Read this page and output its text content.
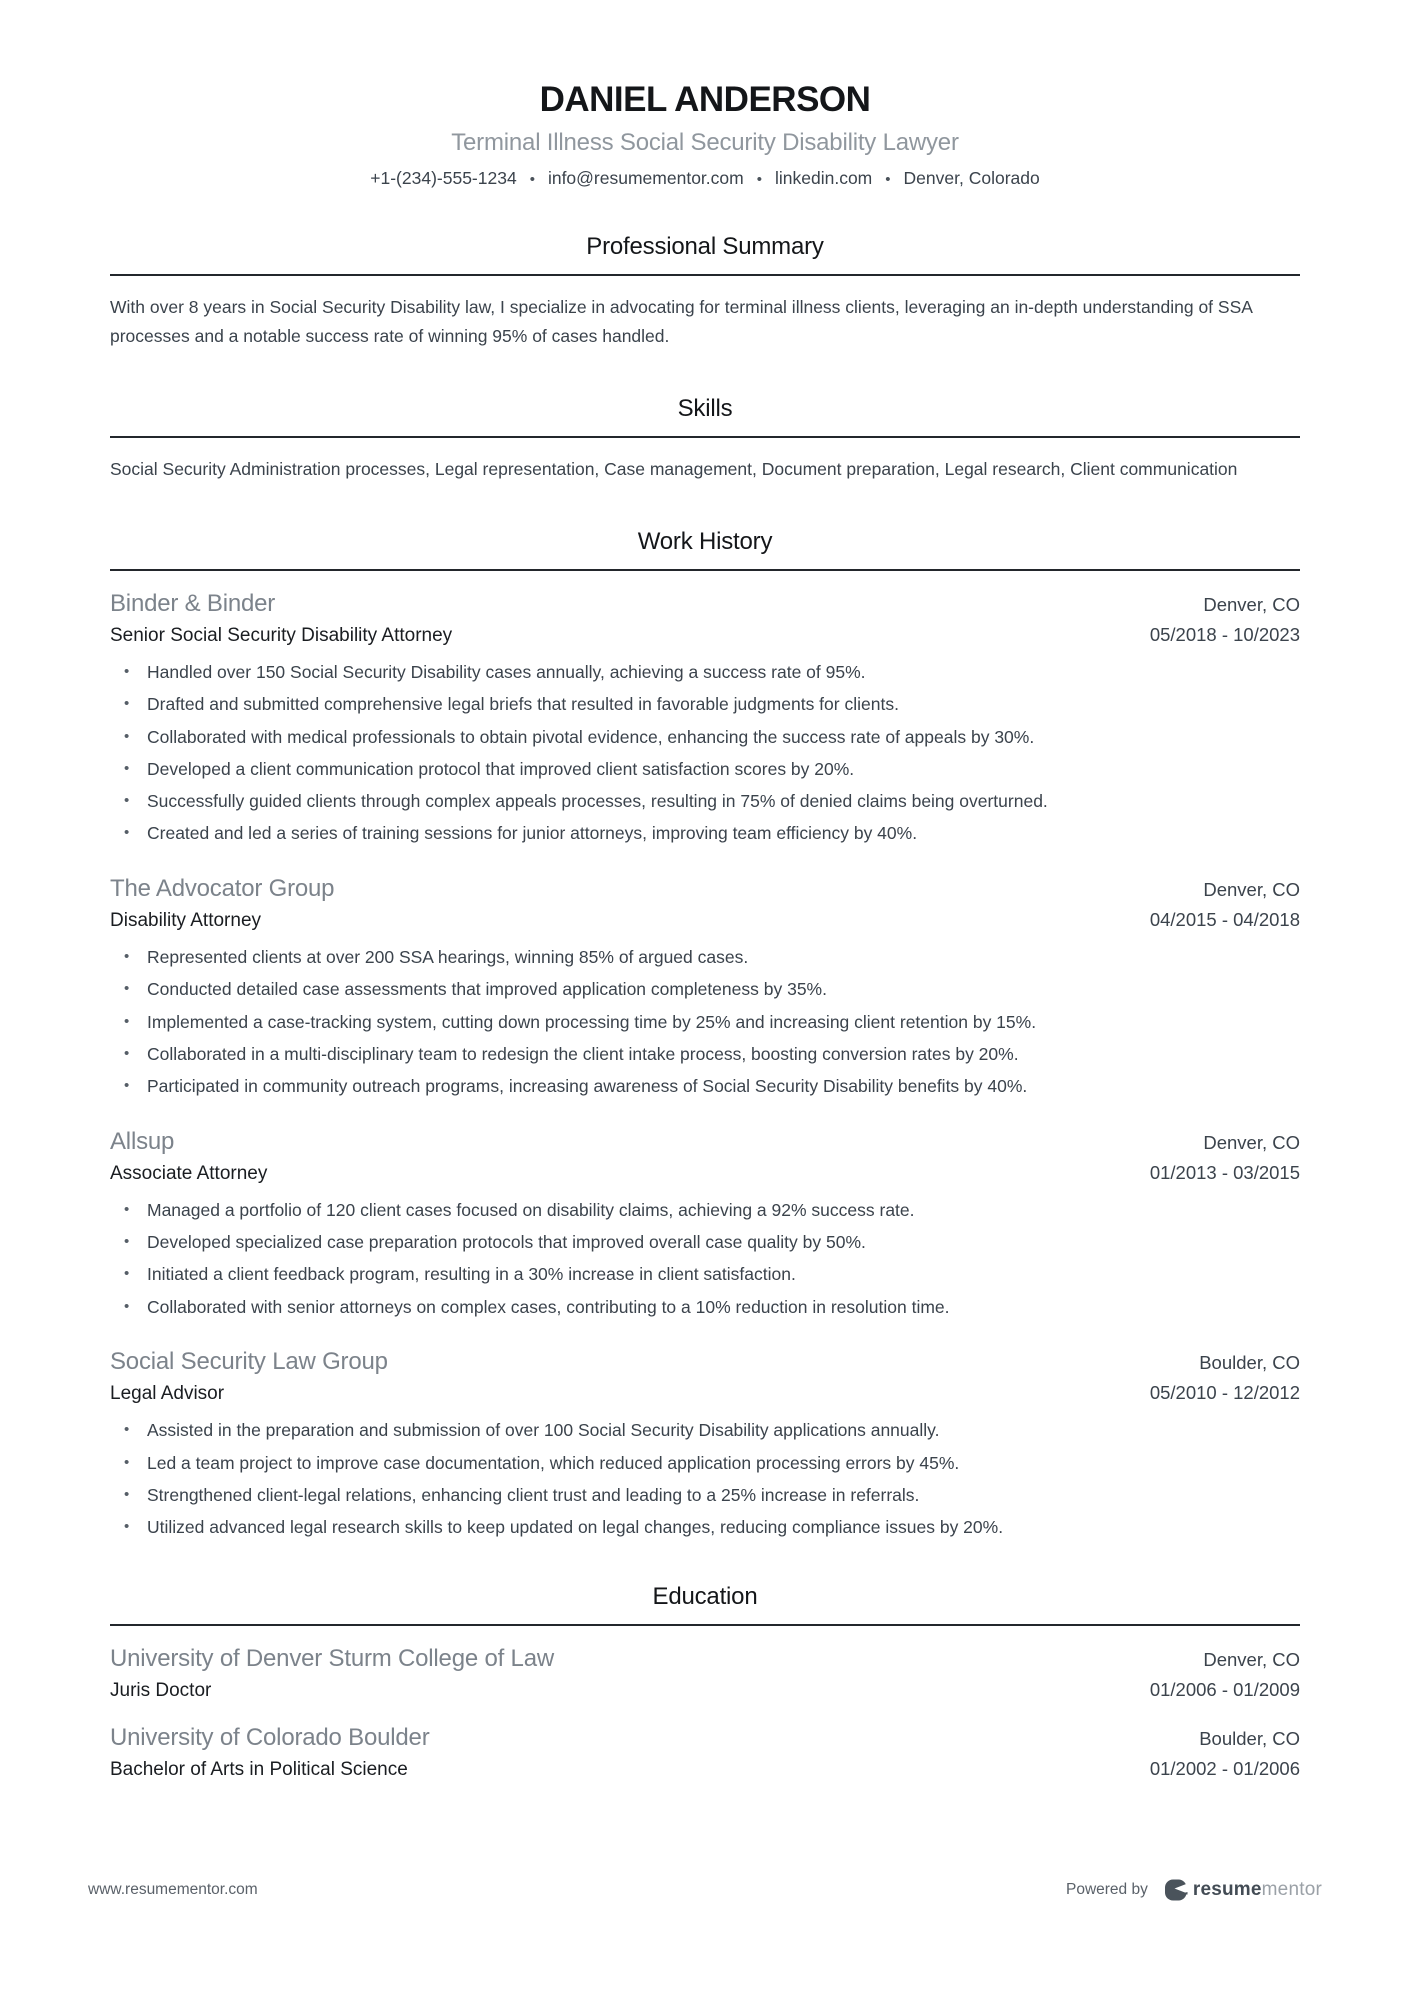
DANIEL ANDERSON
Terminal Illness Social Security Disability Lawyer
+1-(234)-555-1234	• info@resumementor.com	• linkedin.com	• Denver, Colorado
Professional Summary

With over 8 years in Social Security Disability law, I specialize in advocating for terminal illness clients, leveraging an in-depth understanding of SSA processes and a notable success rate of winning 95% of cases handled.

Skills

Social Security Administration processes, Legal representation, Case management, Document preparation, Legal research, Client communication

Work History
Binder & Binder	Denver, CO
Senior Social Security Disability Attorney	05/2018 - 10/2023
• Handled over 150 Social Security Disability cases annually, achieving a success rate of 95%.
• Drafted and submitted comprehensive legal briefs that resulted in favorable judgments for clients.
• Collaborated with medical professionals to obtain pivotal evidence, enhancing the success rate of appeals by 30%.
• Developed a client communication protocol that improved client satisfaction scores by 20%.
• Successfully guided clients through complex appeals processes, resulting in 75% of denied claims being overturned.
• Created and led a series of training sessions for junior attorneys, improving team efficiency by 40%.
The Advocator Group	Denver, CO
Disability Attorney	04/2015 - 04/2018
• Represented clients at over 200 SSA hearings, winning 85% of argued cases.
• Conducted detailed case assessments that improved application completeness by 35%.
• Implemented a case-tracking system, cutting down processing time by 25% and increasing client retention by 15%.
• Collaborated in a multi-disciplinary team to redesign the client intake process, boosting conversion rates by 20%.
• Participated in community outreach programs, increasing awareness of Social Security Disability benefits by 40%.
Allsup	Denver, CO
Associate Attorney	01/2013 - 03/2015
• Managed a portfolio of 120 client cases focused on disability claims, achieving a 92% success rate.
• Developed specialized case preparation protocols that improved overall case quality by 50%.
• Initiated a client feedback program, resulting in a 30% increase in client satisfaction.
• Collaborated with senior attorneys on complex cases, contributing to a 10% reduction in resolution time.
Social Security Law Group	Boulder, CO
Legal Advisor	05/2010 - 12/2012
• Assisted in the preparation and submission of over 100 Social Security Disability applications annually.
• Led a team project to improve case documentation, which reduced application processing errors by 45%.
• Strengthened client-legal relations, enhancing client trust and leading to a 25% increase in referrals.
• Utilized advanced legal research skills to keep updated on legal changes, reducing compliance issues by 20%.
Education
University of Denver Sturm College of Law	Denver, CO
Juris Doctor	01/2006 - 01/2009
University of Colorado Boulder	Boulder, CO
Bachelor of Arts in Political Science	01/2002 - 01/2006
www.resumementor.com	Powered by resumementor
